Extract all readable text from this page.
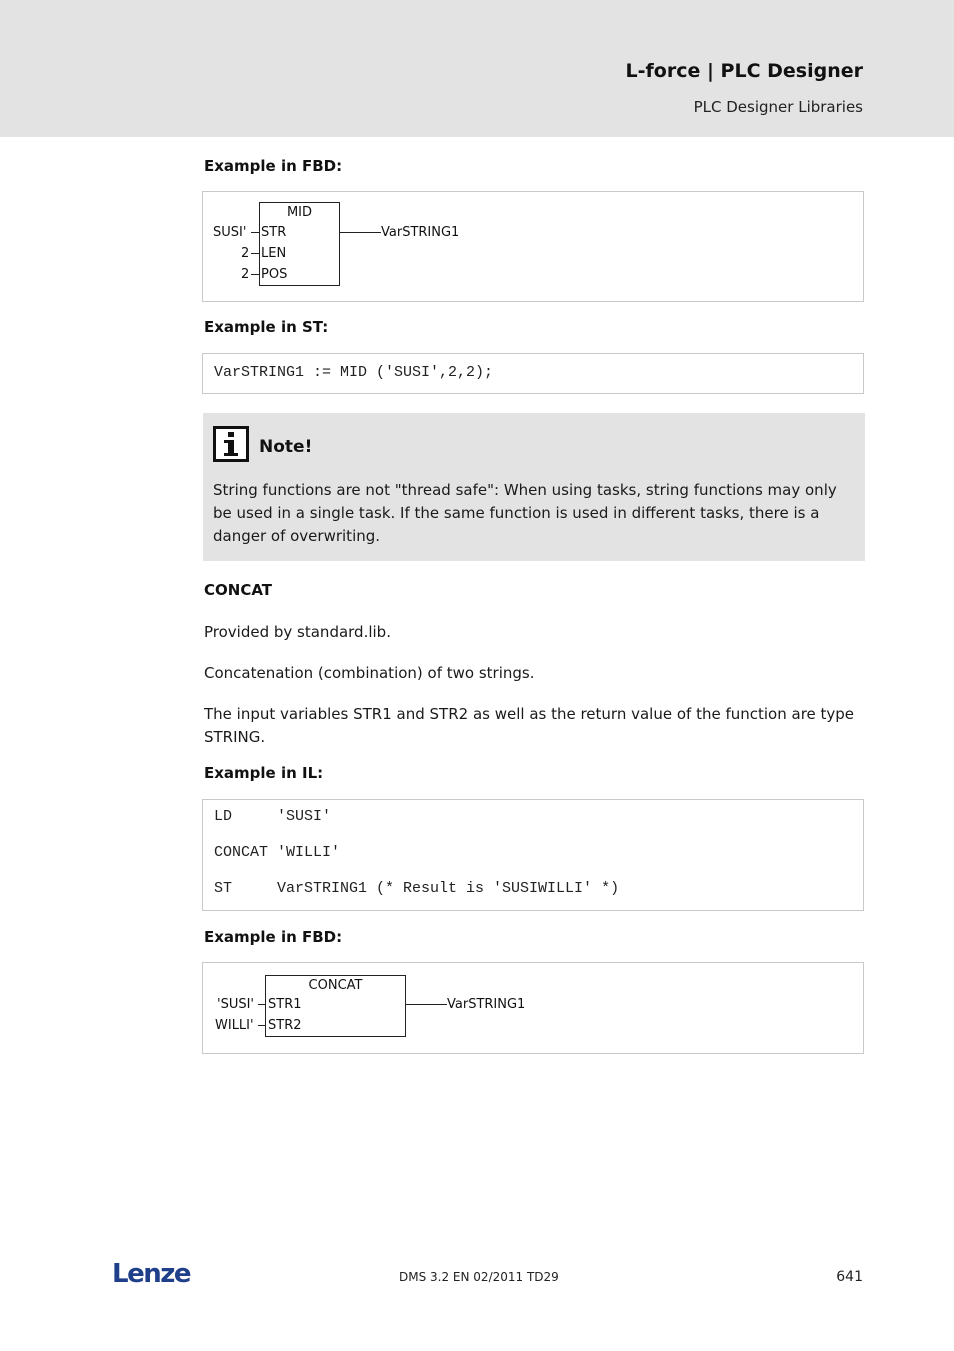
L-force | PLC Designer
PLC Designer Libraries
Example in FBD:
MID
SUSI' STR
2 LEN
2 POS
VarSTRING1
Example in ST:
VarSTRING1 := MID ('SUSI',2,2);
Note!
String functions are not "thread safe": When using tasks, string functions may only be used in a single task. If the same function is used in different tasks, there is a danger of overwriting.
CONCAT
Provided by standard.lib.
Concatenation (combination) of two strings.
The input variables STR1 and STR2 as well as the return value of the function are type STRING.
Example in IL:
LD     'SUSI'
CONCAT 'WILLI'
ST     VarSTRING1 (* Result is 'SUSIWILLI' *)
Example in FBD:
CONCAT
'SUSI' STR1
WILLI' STR2
VarSTRING1
Lenze	DMS 3.2 EN 02/2011 TD29	641
